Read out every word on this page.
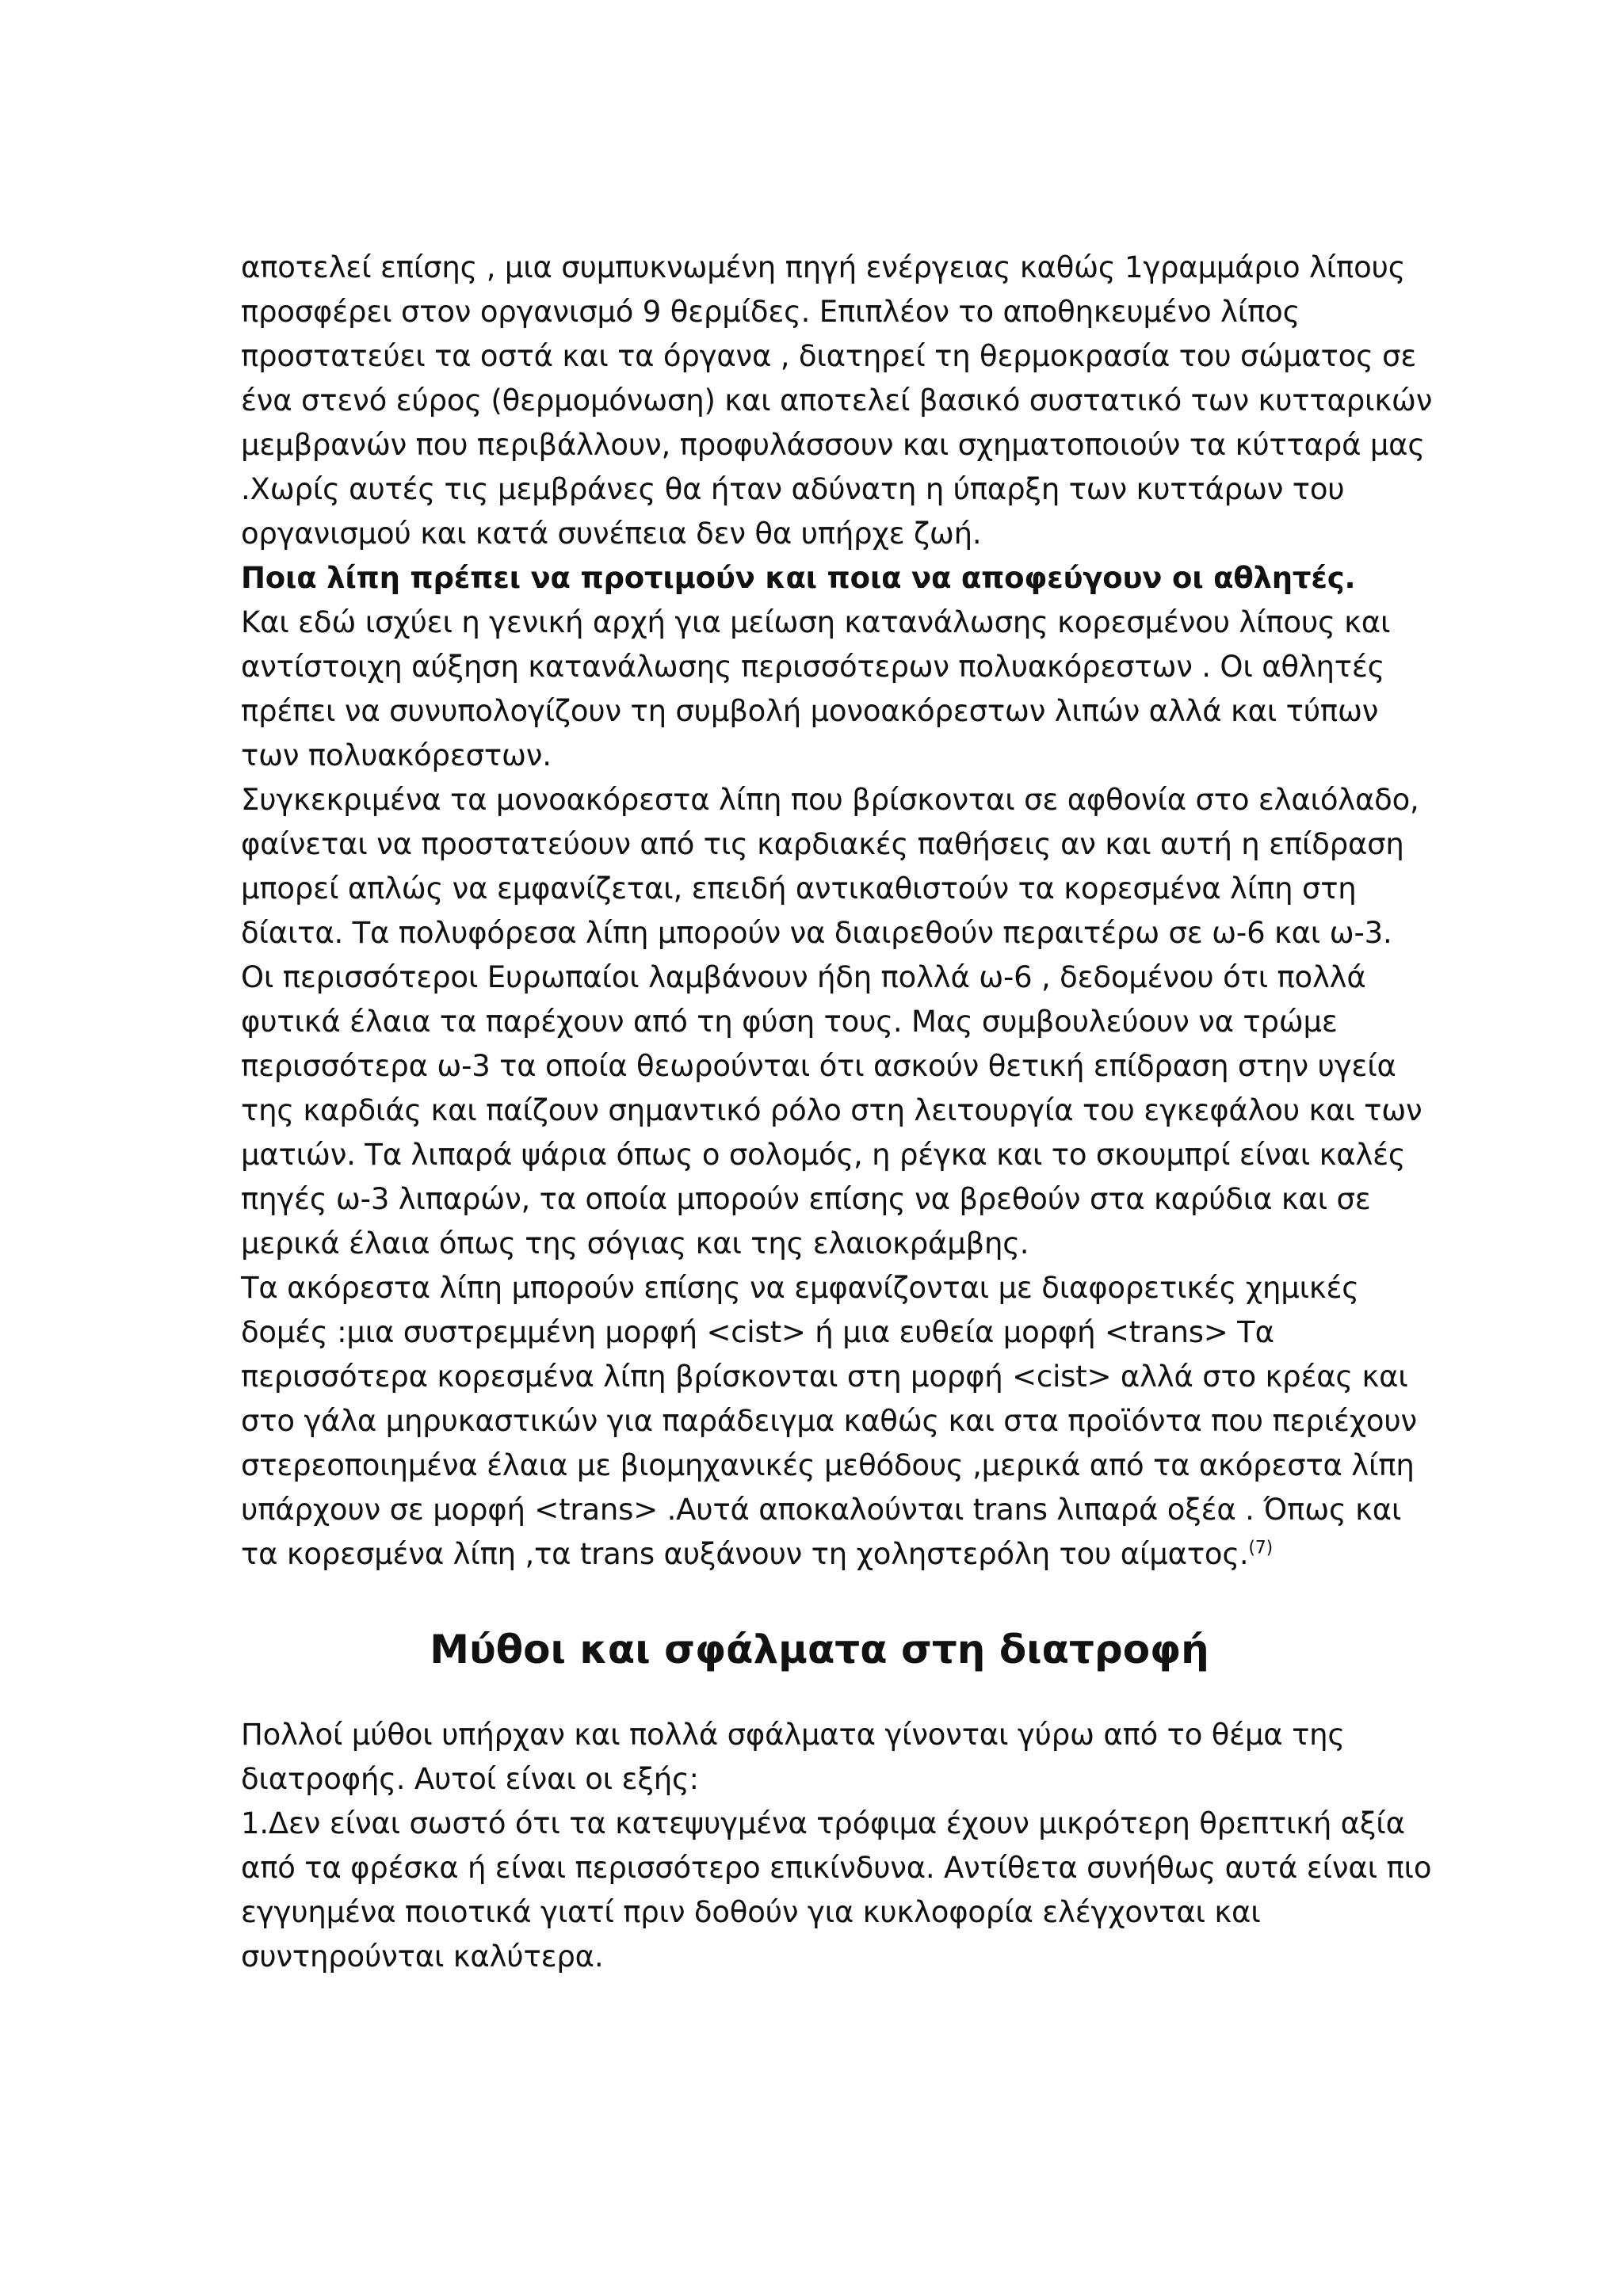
αποτελεί επίσης , μια συμπυκνωμένη πηγή ενέργειας καθώς 1γραμμάριο λίπους
προσφέρει στον οργανισμό 9 θερμίδες. Επιπλέον το αποθηκευμένο λίπος
προστατεύει τα οστά και τα όργανα , διατηρεί τη θερμοκρασία του σώματος σε
ένα στενό εύρος (θερμομόνωση) και αποτελεί βασικό συστατικό των κυτταρικών
μεμβρανών που περιβάλλουν, προφυλάσσουν και σχηματοποιούν τα κύτταρά μας
.Χωρίς αυτές τις μεμβράνες θα ήταν αδύνατη η ύπαρξη των κυττάρων του
οργανισμού και κατά συνέπεια δεν θα υπήρχε ζωή.
Ποια λίπη πρέπει να προτιμούν και ποια να αποφεύγουν οι αθλητές.
Και εδώ ισχύει η γενική αρχή για μείωση κατανάλωσης κορεσμένου λίπους και
αντίστοιχη αύξηση κατανάλωσης περισσότερων πολυακόρεστων . Οι αθλητές
πρέπει να συνυπολογίζουν τη συμβολή μονοακόρεστων λιπών αλλά και τύπων
των πολυακόρεστων.
Συγκεκριμένα τα μονοακόρεστα λίπη που βρίσκονται σε αφθονία στο ελαιόλαδο,
φαίνεται να προστατεύουν από τις καρδιακές παθήσεις αν και αυτή η επίδραση
μπορεί απλώς να εμφανίζεται, επειδή αντικαθιστούν τα κορεσμένα λίπη στη
δίαιτα. Τα πολυφόρεσα λίπη μπορούν να διαιρεθούν περαιτέρω σε ω-6 και ω-3.
Οι περισσότεροι Ευρωπαίοι λαμβάνουν ήδη πολλά ω-6 , δεδομένου ότι πολλά
φυτικά έλαια τα παρέχουν από τη φύση τους. Μας συμβουλεύουν να τρώμε
περισσότερα ω-3 τα οποία θεωρούνται ότι ασκούν θετική επίδραση στην υγεία
της καρδιάς και παίζουν σημαντικό ρόλο στη λειτουργία του εγκεφάλου και των
ματιών. Τα λιπαρά ψάρια όπως ο σολομός, η ρέγκα και το σκουμπρί είναι καλές
πηγές ω-3 λιπαρών, τα οποία μπορούν επίσης να βρεθούν στα καρύδια και σε
μερικά έλαια όπως της σόγιας και της ελαιοκράμβης.
Τα ακόρεστα λίπη μπορούν επίσης να εμφανίζονται με διαφορετικές χημικές
δομές :μια συστρεμμένη μορφή <cist> ή μια ευθεία μορφή <trans> Τα
περισσότερα κορεσμένα λίπη βρίσκονται στη μορφή <cist> αλλά στο κρέας και
στο γάλα μηρυκαστικών για παράδειγμα καθώς και στα προϊόντα που περιέχουν
στερεοποιημένα έλαια με βιομηχανικές μεθόδους ,μερικά από τα ακόρεστα λίπη
υπάρχουν σε μορφή <trans> .Αυτά αποκαλούνται trans λιπαρά οξέα . Όπως και
τα κορεσμένα λίπη ,τα trans αυξάνουν τη χοληστερόλη του αίματος.$^{(7)}$
Μύθοι και σφάλματα στη διατροφή
Πολλοί μύθοι υπήρχαν και πολλά σφάλματα γίνονται γύρω από το θέμα της
διατροφής. Αυτοί είναι οι εξής:
1.Δεν είναι σωστό ότι τα κατεψυγμένα τρόφιμα έχουν μικρότερη θρεπτική αξία
από τα φρέσκα ή είναι περισσότερο επικίνδυνα. Αντίθετα συνήθως αυτά είναι πιο
εγγυημένα ποιοτικά γιατί πριν δοθούν για κυκλοφορία ελέγχονται και
συντηρούνται καλύτερα.
